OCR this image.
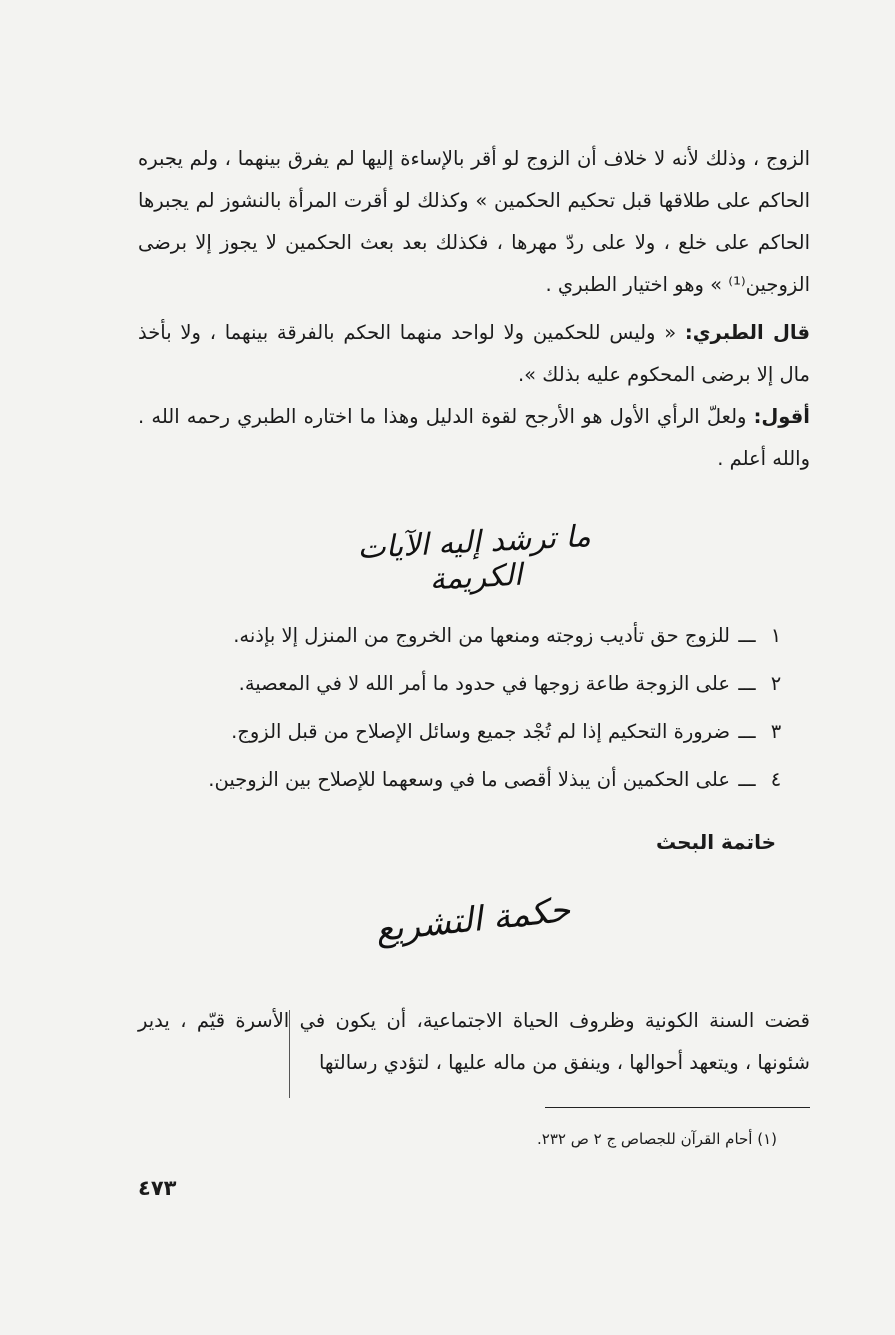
الزوج ، وذلك لأنه لا خلاف أن الزوج لو أقر بالإساءة إليها لم يفرق بينهما ، ولم يجبره الحاكم على طلاقها قبل تحكيم الحكمين » وكذلك لو أقرت المرأة بالنشوز لم يجبرها الحاكم على خلع ، ولا على ردّ مهرها ، فكذلك بعد بعث الحكمين لا يجوز إلا برضى الزوجين⁽¹⁾ » وهو اختيار الطبري .
قال الطبري: « وليس للحكمين ولا لواحد منهما الحكم بالفرقة بينهما ، ولا بأخذ مال إلا برضى المحكوم عليه بذلك ».
أقول: ولعلّ الرأي الأول هو الأرجح لقوة الدليل وهذا ما اختاره الطبري رحمه الله . والله أعلم .
ما ترشد إليه الآيات الكريمة
١
ـــ
للزوج حق تأديب زوجته ومنعها من الخروج من المنزل إلا بإذنه.
٢
ـــ
على الزوجة طاعة زوجها في حدود ما أمر الله لا في المعصية.
٣
ـــ
ضرورة التحكيم إذا لم تُجْد جميع وسائل الإصلاح من قبل الزوج.
٤
ـــ
على الحكمين أن يبذلا أقصى ما في وسعهما للإصلاح بين الزوجين.
خاتمة البحث
حكمة التشريع
قضت السنة الكونية وظروف الحياة الاجتماعية، أن يكون في الأسرة قيّم ، يدير شئونها ، ويتعهد أحوالها ، وينفق من ماله عليها ، لتؤدي رسالتها
(١) أحام القرآن للجصاص ج ٢ ص ٢٣٢.
٤٧٣
